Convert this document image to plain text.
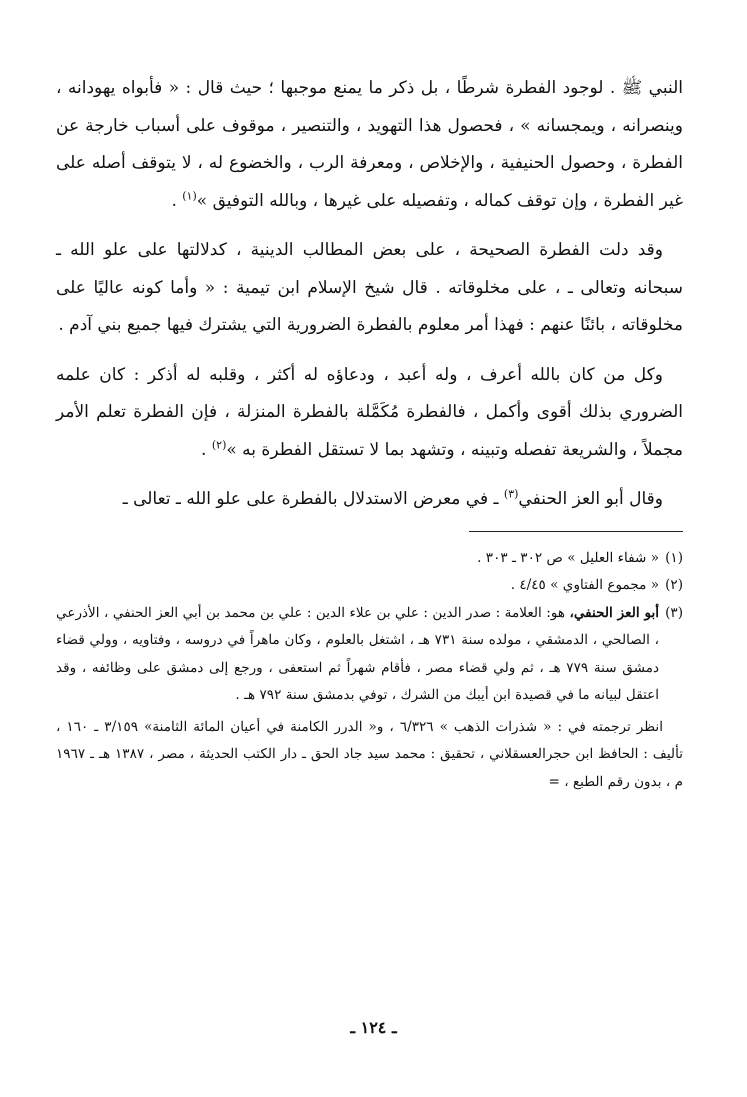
النبي ﷺ . لوجود الفطرة شرطًا ، بل ذكر ما يمنع موجبها ؛ حيث قال : « فأبواه يهودانه ، وينصرانه ، ويمجسانه » ، فحصول هذا التهويد ، والتنصير ، موقوف على أسباب خارجة عن الفطرة ، وحصول الحنيفية ، والإخلاص ، ومعرفة الرب ، والخضوع له ، لا يتوقف أصله على غير الفطرة ، وإن توقف كماله ، وتفصيله على غيرها ، وبالله التوفيق »$^{(١)}$ .

وقد دلت الفطرة الصحيحة ، على بعض المطالب الدينية ، كدلالتها على علو الله ـ سبحانه وتعالى ـ ، على مخلوقاته . قال شيخ الإسلام ابن تيمية : « وأما كونه عاليًا على مخلوقاته ، بائنًا عنهم : فهذا أمر معلوم بالفطرة الضرورية التي يشترك فيها جميع بني آدم .

وكل من كان بالله أعرف ، وله أعبد ، ودعاؤه له أكثر ، وقلبه له أذكر : كان علمه الضروري بذلك أقوى وأكمل ، فالفطرة مُكَمَّلة بالفطرة المنزلة ، فإن الفطرة تعلم الأمر مجملاً ، والشريعة تفصله وتبينه ، وتشهد بما لا تستقل الفطرة به »$^{(٢)}$ .

وقال أبو العز الحنفي$^{(٣)}$ ـ في معرض الاستدلال بالفطرة على علو الله ـ تعالى ـ

(١)
« شفاء العليل » ص ٣٠٢ ـ ٣٠٣ .
(٢)
« مجموع الفتاوي » ٤/٤٥ .
(٣)
أبو العز الحنفي، هو: العلامة : صدر الدين : علي بن علاء الدين : علي بن محمد بن أبي العز الحنفي ، الأذرعي ، الصالحي ، الدمشقي ، مولده سنة ٧٣١ هـ ، اشتغل بالعلوم ، وكان ماهراً في دروسه ، وفتاويه ، وولي قضاء دمشق سنة ٧٧٩ هـ ، ثم ولي قضاء مصر ، فأقام شهراً ثم استعفى ، ورجع إلى دمشق على وظائفه ، وقد اعتقل لبيانه ما في قصيدة ابن أيبك من الشرك ، توفي بدمشق سنة ٧٩٢ هـ .

انظر ترجمته في : « شذرات الذهب » ٦/٣٢٦ ، و« الدرر الكامنة في أعيان المائة الثامنة» ٣/١٥٩ ـ ١٦٠ ، تأليف : الحافظ ابن حجرالعسقلاني ، تحقيق : محمد سيد جاد الحق ـ دار الكتب الحديثة ، مصر ، ١٣٨٧ هـ ـ ١٩٦٧ م ، بدون رقم الطبع ، =

ـ ١٢٤ ـ
